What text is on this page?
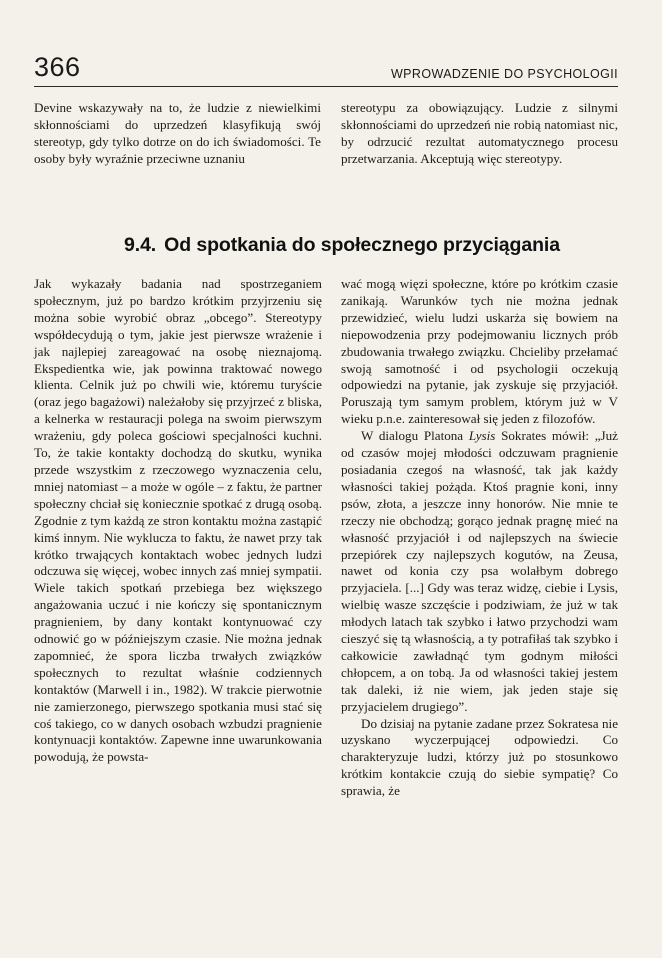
366	WPROWADZENIE DO PSYCHOLOGII

Devine wskazywały na to, że ludzie z niewielkimi skłonnościami do uprzedzeń klasyfikują swój stereotyp, gdy tylko dotrze on do ich świadomości. Te osoby były wyraźnie przeciwne uznaniu

stereotypu za obowiązujący. Ludzie z silnymi skłonnościami do uprzedzeń nie robią natomiast nic, by odrzucić rezultat automatycznego procesu przetwarzania. Akceptują więc stereotypy.

9.4. Od spotkania do społecznego przyciągania

Jak wykazały badania nad spostrzeganiem społecznym, już po bardzo krótkim przyjrzeniu się można sobie wyrobić obraz „obcego”. Stereotypy współdecydują o tym, jakie jest pierwsze wrażenie i jak najlepiej zareagować na osobę nieznajomą. Ekspedientka wie, jak powinna traktować nowego klienta. Celnik już po chwili wie, któremu turyście (oraz jego bagażowi) należałoby się przyjrzeć z bliska, a kelnerka w restauracji polega na swoim pierwszym wrażeniu, gdy poleca gościowi specjalności kuchni. To, że takie kontakty dochodzą do skutku, wynika przede wszystkim z rzeczowego wyznaczenia celu, mniej natomiast – a może w ogóle – z faktu, że partner społeczny chciał się koniecznie spotkać z drugą osobą. Zgodnie z tym każdą ze stron kontaktu można zastąpić kimś innym. Nie wyklucza to faktu, że nawet przy tak krótko trwających kontaktach wobec jednych ludzi odczuwa się więcej, wobec innych zaś mniej sympatii. Wiele takich spotkań przebiega bez większego angażowania uczuć i nie kończy się spontanicznym pragnieniem, by dany kontakt kontynuować czy odnowić go w późniejszym czasie. Nie można jednak zapomnieć, że spora liczba trwałych związków społecznych to rezultat właśnie codziennych kontaktów (Marwell i in., 1982). W trakcie pierwotnie nie zamierzonego, pierwszego spotkania musi stać się coś takiego, co w danych osobach wzbudzi pragnienie kontynuacji kontaktów. Zapewne inne uwarunkowania powodują, że powsta-

wać mogą więzi społeczne, które po krótkim czasie zanikają. Warunków tych nie można jednak przewidzieć, wielu ludzi uskarża się bowiem na niepowodzenia przy podejmowaniu licznych prób zbudowania trwałego związku. Chcieliby przełamać swoją samotność i od psychologii oczekują odpowiedzi na pytanie, jak zyskuje się przyjaciół. Poruszają tym samym problem, którym już w V wieku p.n.e. zainteresował się jeden z filozofów.

W dialogu Platona Lysis Sokrates mówił: „Już od czasów mojej młodości odczuwam pragnienie posiadania czegoś na własność, tak jak każdy własności takiej pożąda. Ktoś pragnie koni, inny psów, złota, a jeszcze inny honorów. Nie mnie te rzeczy nie obchodzą; gorąco jednak pragnę mieć na własność przyjaciół i od najlepszych na świecie przepiórek czy najlepszych kogutów, na Zeusa, nawet od konia czy psa wolałbym dobrego przyjaciela. [...] Gdy was teraz widzę, ciebie i Lysis, wielbię wasze szczęście i podziwiam, że już w tak młodych latach tak szybko i łatwo przychodzi wam cieszyć się tą własnością, a ty potrafiłaś tak szybko i całkowicie zawładnąć tym godnym miłości chłopcem, a on tobą. Ja od własności takiej jestem tak daleki, iż nie wiem, jak jeden staje się przyjacielem drugiego”.

Do dzisiaj na pytanie zadane przez Sokratesa nie uzyskano wyczerpującej odpowiedzi. Co charakteryzuje ludzi, którzy już po stosunkowo krótkim kontakcie czują do siebie sympatię? Co sprawia, że
